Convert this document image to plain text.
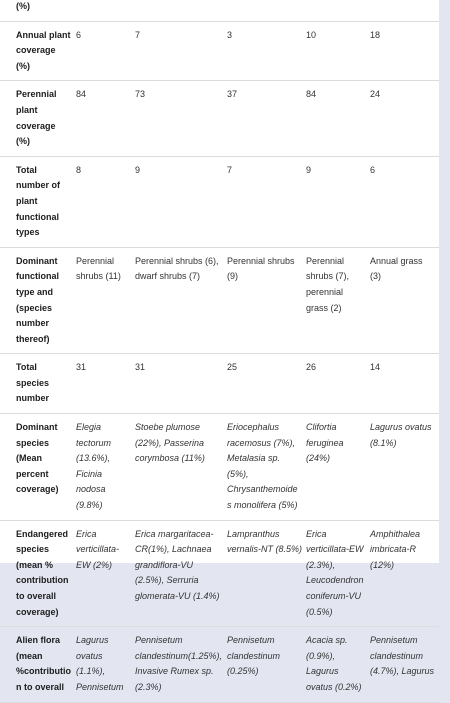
(%)					
Annual plant coverage (%)	6	7	3	10	18
Perennial plant coverage (%)	84	73	37	84	24
Total number of plant functional types	8	9	7	9	6
Dominant functional type and (species number thereof)	Perennial shrubs (11)	Perennial shrubs (6), dwarf shrubs (7)	Perennial shrubs (9)	Perennial shrubs (7), perennial grass (2)	Annual grass (3)
Total species number	31	31	25	26	14
Dominant species (Mean percent coverage)	Elegia tectorum (13.6%), Ficinia nodosa (9.8%)	Stoebe plumose (22%), Passerina corymbosa (11%)	Eriocephalus racemosus (7%), Metalasia sp. (5%), Chrysanthemoides monolifera (5%)	Clifortia feruginea (24%)	Lagurus ovatus (8.1%)
Endangered species (mean % contribution to overall coverage)	Erica verticillata-EW (2%)	Erica margaritacea-CR(1%), Lachnaea grandiflora-VU (2.5%), Serruria glomerata-VU (1.4%)	Lampranthus vernalis-NT (8.5%)	Erica verticillata-EW (2.3%), Leucodendron coniferum-VU (0.5%)	Amphithalea imbricata-R (12%)
Alien flora (mean %contribution to overall	Lagurus ovatus (1.1%), Pennisetum	Pennisetum clandestinum(1.25%), Invasive Rumex sp. (2.3%)	Pennisetum clandestinum (0.25%)	Acacia sp. (0.9%), Lagurus ovatus (0.2%)	Pennisetum clandestinum (4.7%), Lagurus
